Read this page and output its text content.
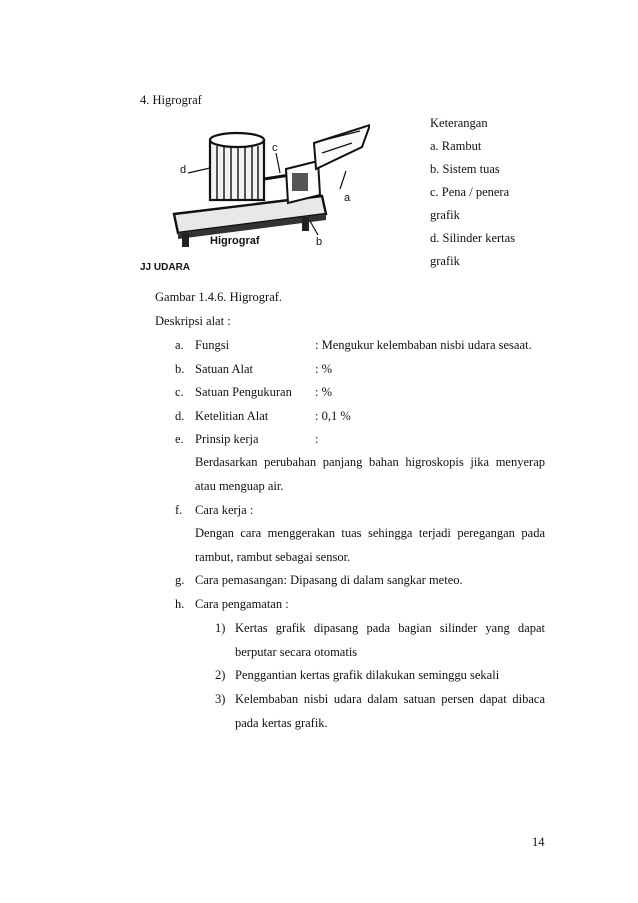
4. Higrograf
d
c
a
b
Higrograf
JJ UDARA
Keterangan
a. Rambut
b. Sistem tuas
c. Pena / penera
grafik
d. Silinder kertas
grafik
Gambar 1.4.6. Higrograf.
Deskripsi alat :
a. Fungsi	: Mengukur kelembaban nisbi udara sesaat.
b. Satuan Alat	: %
c. Satuan Pengukuran : %
d. Ketelitian Alat	: 0,1 %
e. Prinsip kerja	:
Berdasarkan perubahan panjang bahan higroskopis jika menyerap
atau menguap air.
f. Cara kerja :
Dengan cara menggerakan tuas sehingga terjadi peregangan pada
rambut, rambut sebagai sensor.
g. Cara pemasangan: Dipasang di dalam sangkar meteo.
h. Cara pengamatan :
1) Kertas grafik dipasang pada bagian silinder yang dapat
berputar secara otomatis
2) Penggantian kertas grafik dilakukan seminggu sekali
3) Kelembaban nisbi udara dalam satuan persen dapat dibaca
pada kertas grafik.
14
